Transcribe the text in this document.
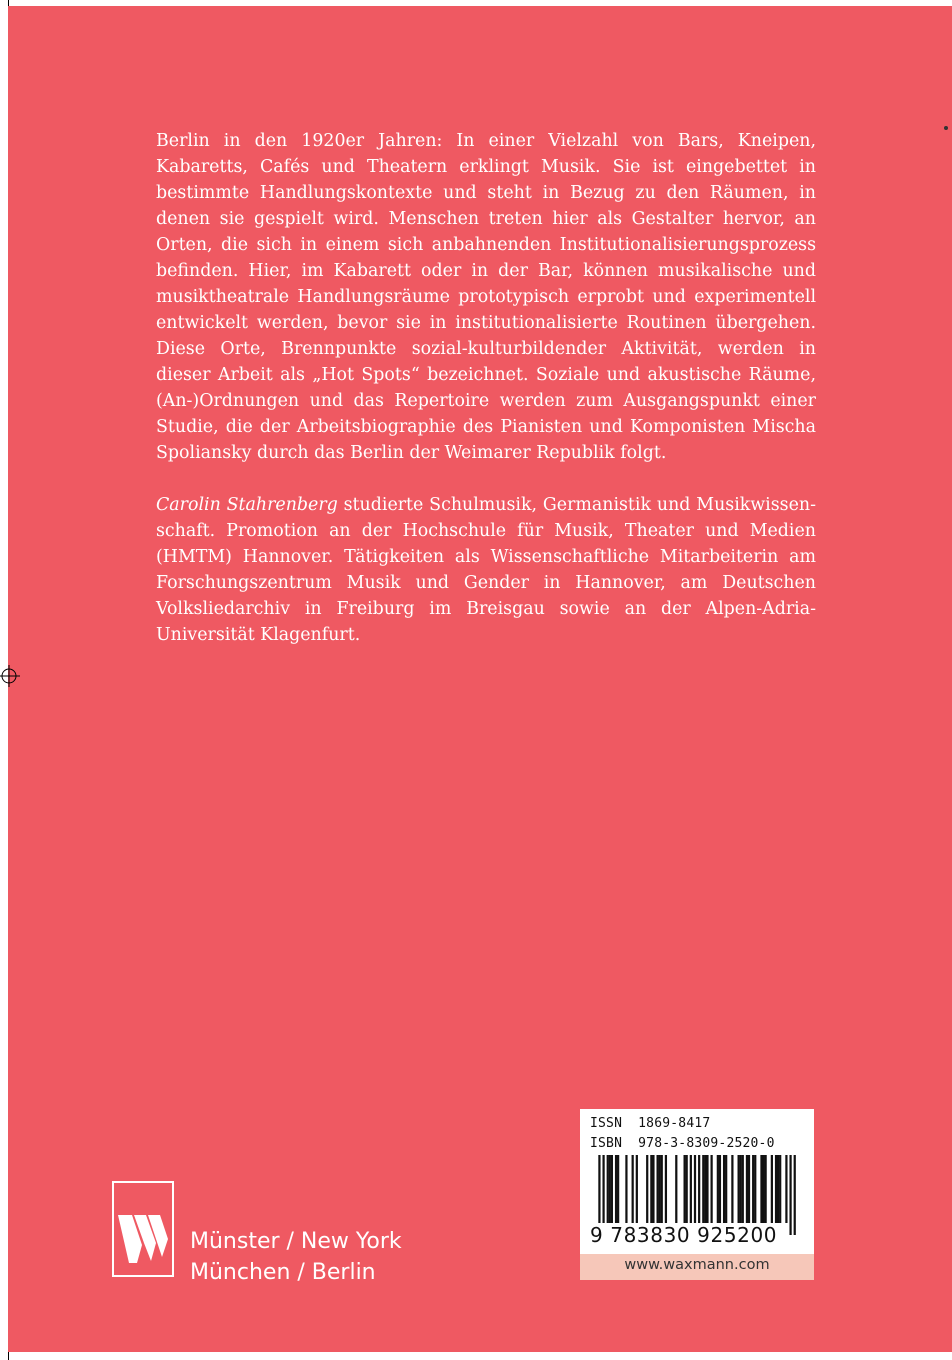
Berlin in den 1920er Jahren: In einer Vielzahl von Bars, Kneipen, Kabaretts, Cafés und Theatern erklingt Musik. Sie ist eingebettet in bestimmte Handlungskontexte und steht in Bezug zu den Räumen, in denen sie gespielt wird. Menschen treten hier als Gestalter hervor, an Orten, die sich in einem sich anbahnenden Institutionalisierungsprozess befinden. Hier, im Kabarett oder in der Bar, können musikalische und musiktheatrale Handlungsräume prototypisch erprobt und experimentell entwickelt werden, bevor sie in institutionalisierte Routinen übergehen. Diese Orte, Brennpunkte sozial-kulturbildender Aktivität, werden in dieser Arbeit als „Hot Spots“ bezeichnet. Soziale und akustische Räume, (An-)Ordnungen und das Repertoire werden zum Ausgangspunkt einer Studie, die der Arbeitsbiographie des Pianisten und Komponisten Mischa Spoliansky durch das Berlin der Weimarer Republik folgt.

Carolin Stahrenberg studierte Schulmusik, Germanistik und Musikwissenschaft. Promotion an der Hochschule für Musik, Theater und Medien (HMTM) Hannover. Tätigkeiten als Wissenschaftliche Mitarbeiterin am Forschungszentrum Musik und Gender in Hannover, am Deutschen Volksliedarchiv in Freiburg im Breisgau sowie an der Alpen-Adria-Universität Klagenfurt.

Münster / New York
München / Berlin
ISSN  1869-8417
ISBN  978-3-8309-2520-0
9 783830 925200
www.waxmann.com
